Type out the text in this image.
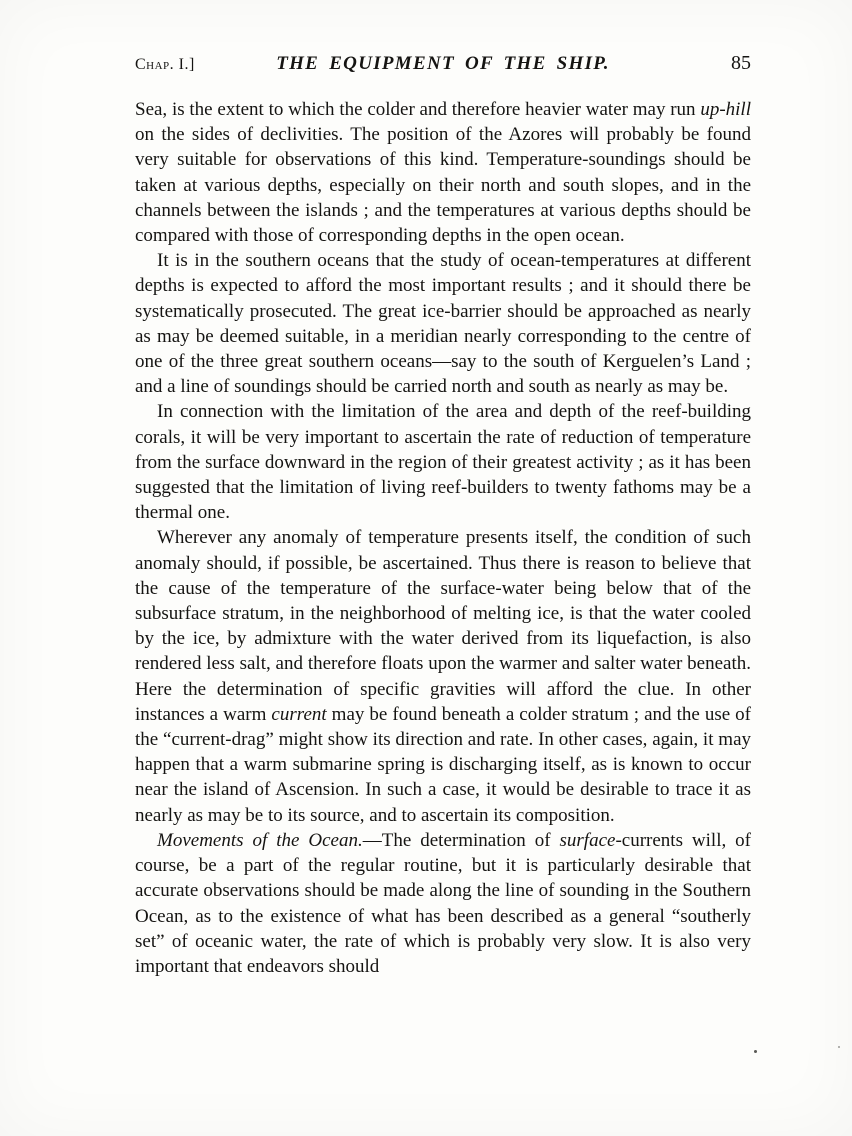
Chap. I.]	THE EQUIPMENT OF THE SHIP.	85

Sea, is the extent to which the colder and therefore heavier water may run up-hill on the sides of declivities. The position of the Azores will probably be found very suitable for observations of this kind. Temperature-soundings should be taken at various depths, especially on their north and south slopes, and in the channels between the islands ; and the temperatures at various depths should be compared with those of corresponding depths in the open ocean.

It is in the southern oceans that the study of ocean-temperatures at different depths is expected to afford the most important results ; and it should there be systematically prosecuted. The great ice-barrier should be approached as nearly as may be deemed suitable, in a meridian nearly corresponding to the centre of one of the three great southern oceans—say to the south of Kerguelen’s Land ; and a line of soundings should be carried north and south as nearly as may be.

In connection with the limitation of the area and depth of the reef-building corals, it will be very important to ascertain the rate of reduction of temperature from the surface downward in the region of their greatest activity ; as it has been suggested that the limitation of living reef-builders to twenty fathoms may be a thermal one.

Wherever any anomaly of temperature presents itself, the condition of such anomaly should, if possible, be ascertained. Thus there is reason to believe that the cause of the temperature of the surface-water being below that of the subsurface stratum, in the neighborhood of melting ice, is that the water cooled by the ice, by admixture with the water derived from its liquefaction, is also rendered less salt, and therefore floats upon the warmer and salter water beneath. Here the determination of specific gravities will afford the clue. In other instances a warm current may be found beneath a colder stratum ; and the use of the “current-drag” might show its direction and rate. In other cases, again, it may happen that a warm submarine spring is discharging itself, as is known to occur near the island of Ascension. In such a case, it would be desirable to trace it as nearly as may be to its source, and to ascertain its composition.

Movements of the Ocean.—The determination of surface-currents will, of course, be a part of the regular routine, but it is particularly desirable that accurate observations should be made along the line of sounding in the Southern Ocean, as to the existence of what has been described as a general “southerly set” of oceanic water, the rate of which is probably very slow. It is also very important that endeavors should
